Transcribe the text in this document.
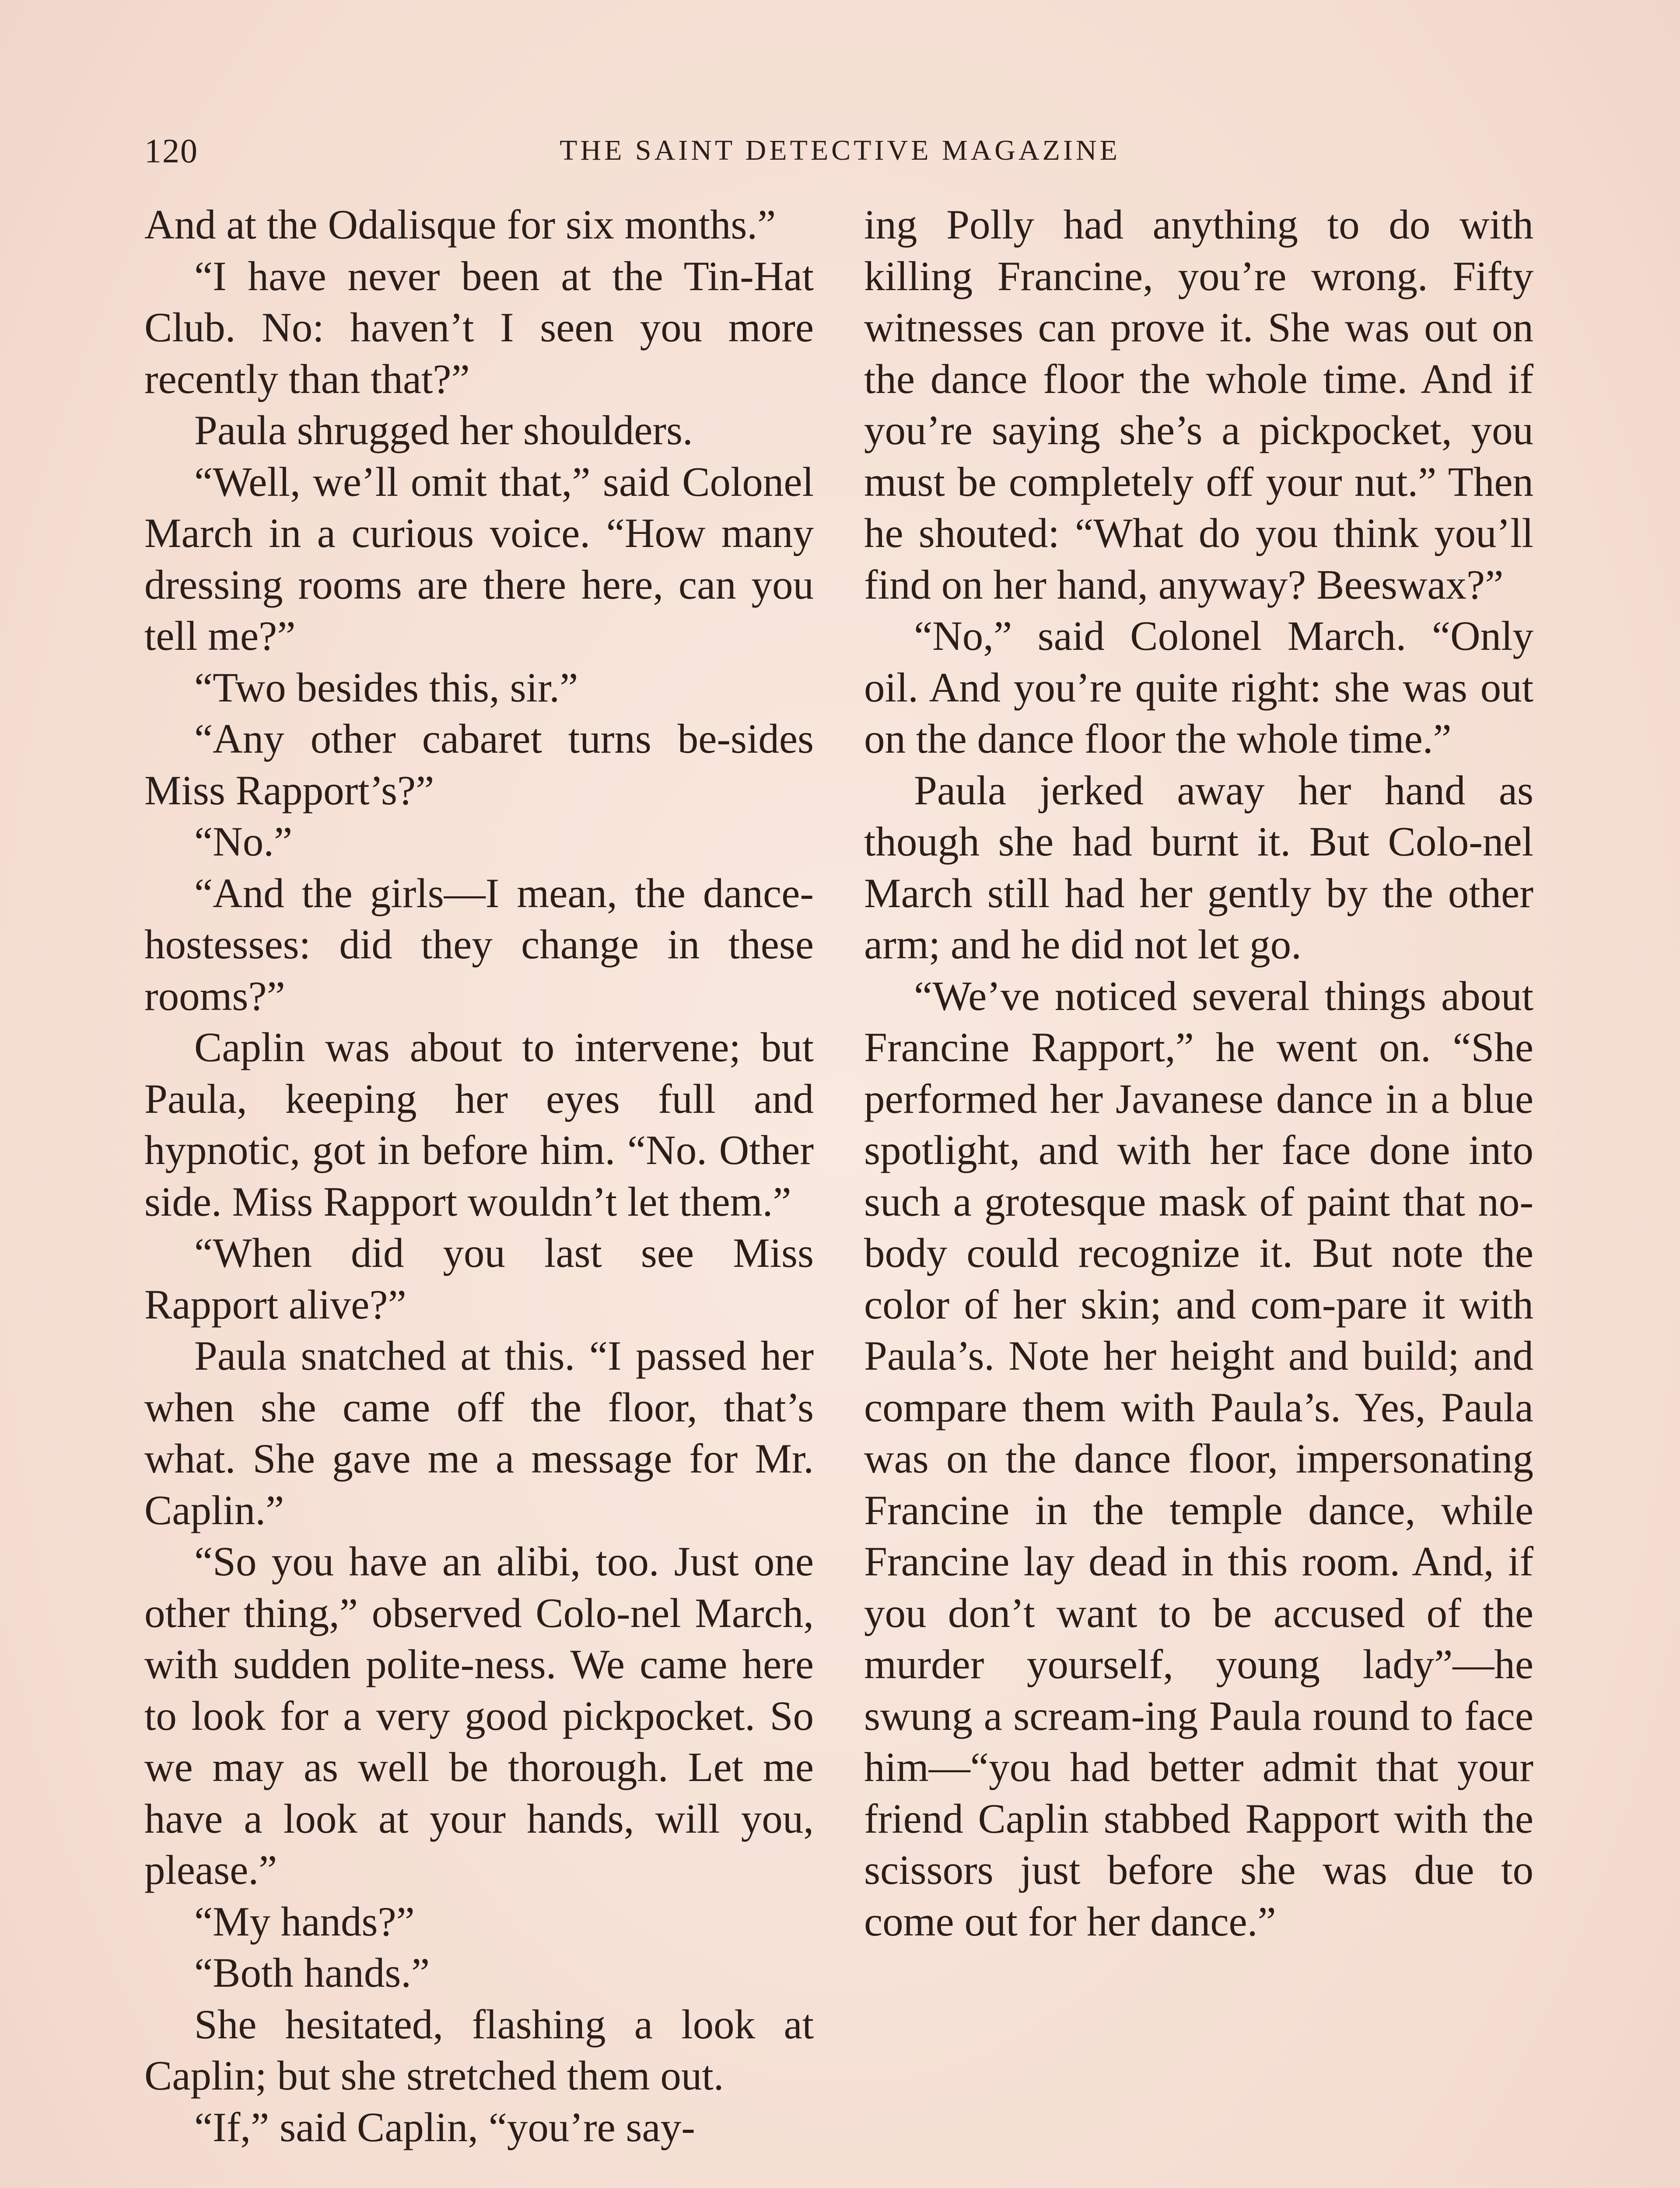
120	THE SAINT DETECTIVE MAGAZINE

And at the Odalisque for six months.”

“I have never been at the Tin-Hat Club. No: haven’t I seen you more recently than that?”

Paula shrugged her shoulders.

“Well, we’ll omit that,” said Colonel March in a curious voice. “How many dressing rooms are there here, can you tell me?”

“Two besides this, sir.”

“Any other cabaret turns be-sides Miss Rapport’s?”

“No.”

“And the girls—I mean, the dance-hostesses: did they change in these rooms?”

Caplin was about to intervene; but Paula, keeping her eyes full and hypnotic, got in before him. “No. Other side. Miss Rapport wouldn’t let them.”

“When did you last see Miss Rapport alive?”

Paula snatched at this. “I passed her when she came off the floor, that’s what. She gave me a message for Mr. Caplin.”

“So you have an alibi, too. Just one other thing,” observed Colo-nel March, with sudden polite-ness. We came here to look for a very good pickpocket. So we may as well be thorough. Let me have a look at your hands, will you, please.”

“My hands?”

“Both hands.”

She hesitated, flashing a look at Caplin; but she stretched them out.

“If,” said Caplin, “you’re say-

ing Polly had anything to do with killing Francine, you’re wrong. Fifty witnesses can prove it. She was out on the dance floor the whole time. And if you’re saying she’s a pickpocket, you must be completely off your nut.” Then he shouted: “What do you think you’ll find on her hand, anyway? Beeswax?”

“No,” said Colonel March. “Only oil. And you’re quite right: she was out on the dance floor the whole time.”

Paula jerked away her hand as though she had burnt it. But Colo-nel March still had her gently by the other arm; and he did not let go.

“We’ve noticed several things about Francine Rapport,” he went on. “She performed her Javanese dance in a blue spotlight, and with her face done into such a grotesque mask of paint that no-body could recognize it. But note the color of her skin; and com-pare it with Paula’s. Note her height and build; and compare them with Paula’s. Yes, Paula was on the dance floor, impersonating Francine in the temple dance, while Francine lay dead in this room. And, if you don’t want to be accused of the murder yourself, young lady”—he swung a scream-ing Paula round to face him—“you had better admit that your friend Caplin stabbed Rapport with the scissors just before she was due to come out for her dance.”
